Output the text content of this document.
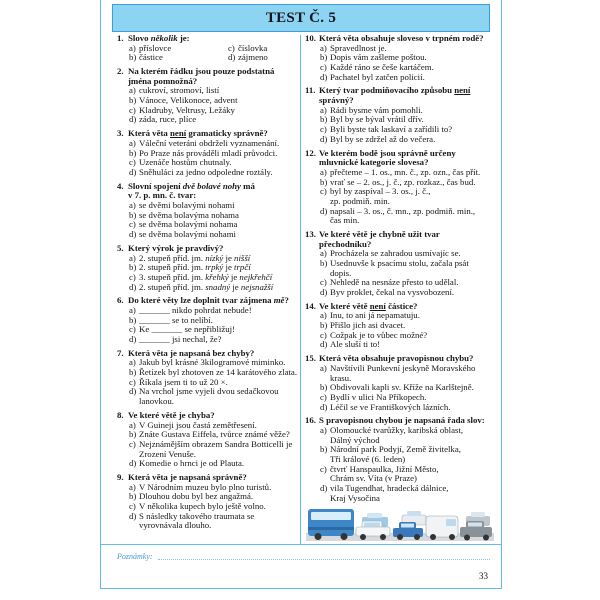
TEST Č. 5
1. Slovo několik je:
a) příslovce
b) částice
c) číslovka
d) zájmeno
2. Na kterém řádku jsou pouze podstatná
jména pomnožná?
a) cukroví, stromoví, listí
b) Vánoce, Velikonoce, advent
c) Kladruby, Veltrusy, Ležáky
d) záda, ruce, plíce
3. Která věta není gramaticky správně?
a) Váleční veteráni obdrželi vyznamenání.
b) Po Praze nás prováděli mladí průvodci.
c) Uzenáče hostům chutnaly.
d) Sněhuláci za jedno odpoledne roztály.
4. Slovní spojení dvě bolavé nohy má
v 7. p. mn. č. tvar:
a) se dvěmi bolavými nohami
b) se dvěma bolavýma nohama
c) se dvěma bolavými nohama
d) se dvěma bolavými nohami
5. Který výrok je pravdivý?
a) 2. stupeň příd. jm. nízký je nišší
b) 2. stupeň příd. jm. trpký je trpčí
c) 3. stupeň příd. jm. křehký je nejkřehčí
d) 2. stupeň příd. jm. snadný je nejsnažší
6. Do které věty lze doplnit tvar zájmena mě?
a) _______ nikdo pohrdat nebude!
b) _______ se to nelíbí.
c) Ke _______ se nepřibližuj!
d) _______ jsi nechal, že?
7. Která věta je napsaná bez chyby?
a) Jakub byl krásné 3kilogramové miminko.
b) Řetízek byl zhotoven ze 14 karátového zlata.
c) Říkala jsem ti to už 20 ×.
d) Na vrchol jsme vyjeli dvou sedačkovou
lanovkou.
8. Ve které větě je chyba?
a) V Guineji jsou častá zemětřesení.
b) Znáte Gustava Eiffela, tvůrce známé věže?
c) Nejznámějším obrazem Sandra Botticelli je
Zrození Venuše.
d) Komedie o hrnci je od Plauta.
9. Která věta je napsaná správně?
a) V Národním muzeu bylo plno turistů.
b) Dlouhou dobu byl bez angažmá.
c) V několika kupech bylo ještě volno.
d) S následky takového traumata se
vyrovnávala dlouho.
10. Která věta obsahuje sloveso v trpném rodě?
a) Spravedlnost je.
b) Dopis vám zašleme poštou.
c) Každé ráno se češe kartáčem.
d) Pachatel byl zatčen policií.
11. Který tvar podmiňovacího způsobu není
správný?
a) Rádi bysme vám pomohli.
b) Byl by se býval vrátil dřív.
c) Byli byste tak laskaví a zařídili to?
d) Byl by se zdržel až do večera.
12. Ve kterém bodě jsou správně určeny
mluvnické kategorie slovesa?
a) přečteme – 1. os., mn. č., zp. ozn., čas přít.
b) vrať se – 2. os., j. č., zp. rozkaz., čas bud.
c) byl by zaspíval – 3. os., j. č.,
zp. podmiň. min.
d) napsali – 3. os., č. mn., zp. podmiň. min.,
čas min.
13. Ve které větě je chybně užit tvar
přechodníku?
a) Procházela se zahradou usmívajíc se.
b) Usednuvše k psacímu stolu, začala psát
dopis.
c) Nehledě na nesnáze přesto to udělal.
d) Byv proklet, čekal na vysvobození.
14. Ve které větě není částice?
a) Inu, to ani já nepamatuju.
b) Přišlo jich asi dvacet.
c) Cožpak je to vůbec možné?
d) Ale sluší ti to!
15. Která věta obsahuje pravopisnou chybu?
a) Navštívili Punkevní jeskyně Moravského
krasu.
b) Obdivovali kapli sv. Kříže na Karlštejně.
c) Bydlí v ulici Na Příkopech.
d) Léčil se ve Františkových lázních.
16. S pravopisnou chybou je napsaná řada slov:
a) Olomoucké tvarůžky, karibská oblast,
Dálný východ
b) Národní park Podyjí, Země živitelka,
Tři králové (6. leden)
c) čtvrť Hanspaulka, Jižní Město,
Chrám sv. Víta (v Praze)
d) vila Tugendhat, hradecká dálnice,
Kraj Vysočina
Poznámky:
33
